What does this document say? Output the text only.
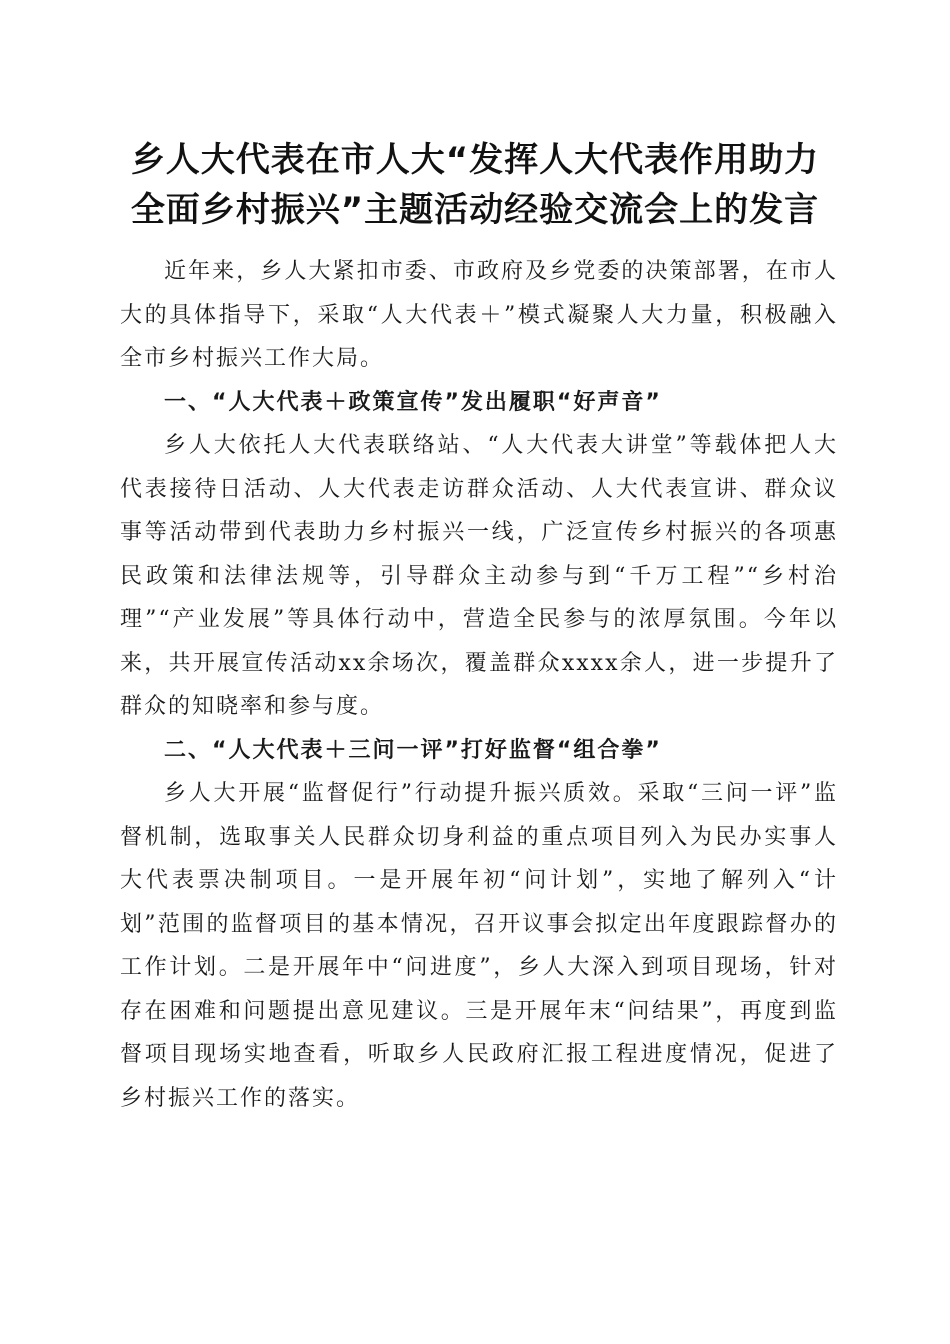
乡人大代表在市人大“发挥人大代表作用助力
全面乡村振兴”主题活动经验交流会上的发言

近年来，乡人大紧扣市委、市政府及乡党委的决策部署，在市人大的具体指导下，采取“人大代表＋”模式凝聚人大力量，积极融入全市乡村振兴工作大局。

一、“人大代表＋政策宣传”发出履职“好声音”

乡人大依托人大代表联络站、“人大代表大讲堂”等载体把人大代表接待日活动、人大代表走访群众活动、人大代表宣讲、群众议事等活动带到代表助力乡村振兴一线，广泛宣传乡村振兴的各项惠民政策和法律法规等，引导群众主动参与到“千万工程”“乡村治理”“产业发展”等具体行动中，营造全民参与的浓厚氛围。今年以来，共开展宣传活动xx余场次，覆盖群众xxxx余人，进一步提升了群众的知晓率和参与度。

二、“人大代表＋三问一评”打好监督“组合拳”

乡人大开展“监督促行”行动提升振兴质效。采取“三问一评”监督机制，选取事关人民群众切身利益的重点项目列入为民办实事人大代表票决制项目。一是开展年初“问计划”，实地了解列入“计划”范围的监督项目的基本情况，召开议事会拟定出年度跟踪督办的工作计划。二是开展年中“问进度”，乡人大深入到项目现场，针对存在困难和问题提出意见建议。三是开展年末“问结果”，再度到监督项目现场实地查看，听取乡人民政府汇报工程进度情况，促进了乡村振兴工作的落实。
